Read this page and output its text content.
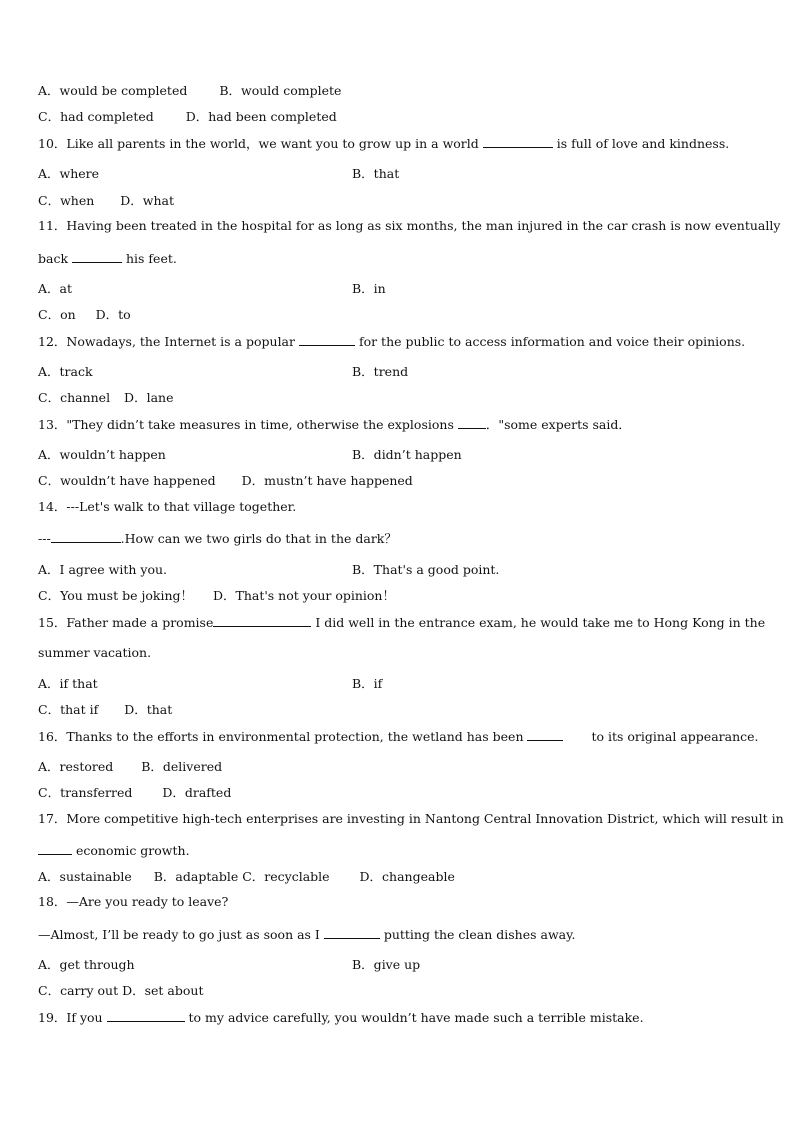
A．would be completed	B．would complete
C．had completed	D．had been completed
10．Like all parents in the world，we want you to grow up in a world	is full of love and kindness.
A．where	B．that
C．when D．what
11．Having been treated in the hospital for as long as six months, the man injured in the car crash is now eventually
back	his feet.
A．at	B．in
C．on D．to
12．Nowadays, the Internet is a popular	for the public to access information and voice their opinions.
A．track	B．trend
C．channel D．lane
13．"They didn’t take measures in time, otherwise the explosions ．"some experts said．
A．wouldn’t happen	B．didn’t happen
C．wouldn’t have happened D．mustn’t have happened
14．---Let's walk to that village together.
---	.How can we two girls do that in the dark？
A．I agree with you.	B．That's a good point.
C．You must be joking！ D．That's not your opinion！
15．Father made a promise	I did well in the entrance exam, he would take me to Hong Kong in the
summer vacation.
A．if that	B．if
C．that if D．that
16．Thanks to the efforts in environmental protection, the wetland has been	to its original appearance.
A．restored B．delivered
C．transferred D．drafted
17．More competitive high-tech enterprises are investing in Nantong Central Innovation District, which will result in
economic growth.
A．sustainable B．adaptable C．recyclable D．changeable
18．—Are you ready to leave?
—Almost, I’ll be ready to go just as soon as I	putting the clean dishes away.
A．get through	B．give up
C．carry out D．set about
19．If you	to my advice carefully, you wouldn’t have made such a terrible mistake.
